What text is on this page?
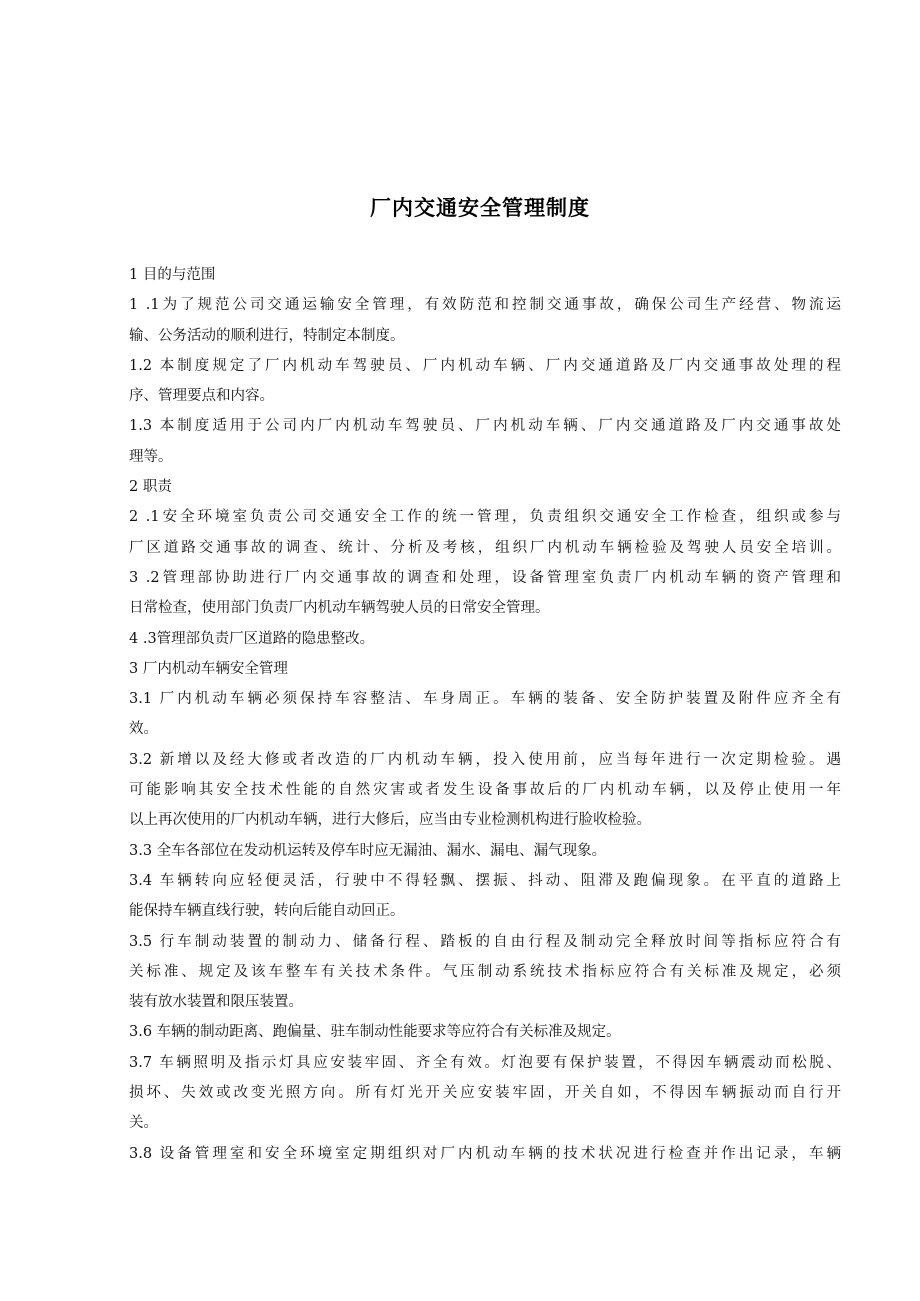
厂内交通安全管理制度
1 目的与范围
1 .1为了规范公司交通运输安全管理，有效防范和控制交通事故，确保公司生产经营、物流运
输、公务活动的顺利进行，特制定本制度。
1.2 本制度规定了厂内机动车驾驶员、厂内机动车辆、厂内交通道路及厂内交通事故处理的程
序、管理要点和内容。
1.3 本制度适用于公司内厂内机动车驾驶员、厂内机动车辆、厂内交通道路及厂内交通事故处
理等。
2 职责
2 .1安全环境室负责公司交通安全工作的统一管理，负责组织交通安全工作检查，组织或参与
厂区道路交通事故的调查、统计、分析及考核，组织厂内机动车辆检验及驾驶人员安全培训。
3 .2管理部协助进行厂内交通事故的调查和处理，设备管理室负责厂内机动车辆的资产管理和
日常检查，使用部门负责厂内机动车辆驾驶人员的日常安全管理。
4 .3管理部负责厂区道路的隐患整改。
3 厂内机动车辆安全管理
3.1 厂内机动车辆必须保持车容整洁、车身周正。车辆的装备、安全防护装置及附件应齐全有
效。
3.2 新增以及经大修或者改造的厂内机动车辆，投入使用前，应当每年进行一次定期检验。遇
可能影响其安全技术性能的自然灾害或者发生设备事故后的厂内机动车辆，以及停止使用一年
以上再次使用的厂内机动车辆，进行大修后，应当由专业检测机构进行脸收检验。
3.3 全车各部位在发动机运转及停车时应无漏油、漏水、漏电、漏气现象。
3.4 车辆转向应轻便灵活，行驶中不得轻飘、摆振、抖动、阻滞及跑偏现象。在平直的道路上
能保持车辆直线行驶，转向后能自动回正。
3.5 行车制动装置的制动力、储备行程、踏板的自由行程及制动完全释放时间等指标应符合有
关标准、规定及该车整车有关技术条件。气压制动系统技术指标应符合有关标准及规定，必须
装有放水装置和限压装置。
3.6 车辆的制动距离、跑偏量、驻车制动性能要求等应符合有关标准及规定。
3.7 车辆照明及指示灯具应安装牢固、齐全有效。灯泡要有保护装置，不得因车辆震动而松脱、
损坏、失效或改变光照方向。所有灯光开关应安装牢固，开关自如，不得因车辆振动而自行开
关。
3.8 设备管理室和安全环境室定期组织对厂内机动车辆的技术状况进行检查并作出记录，车辆
